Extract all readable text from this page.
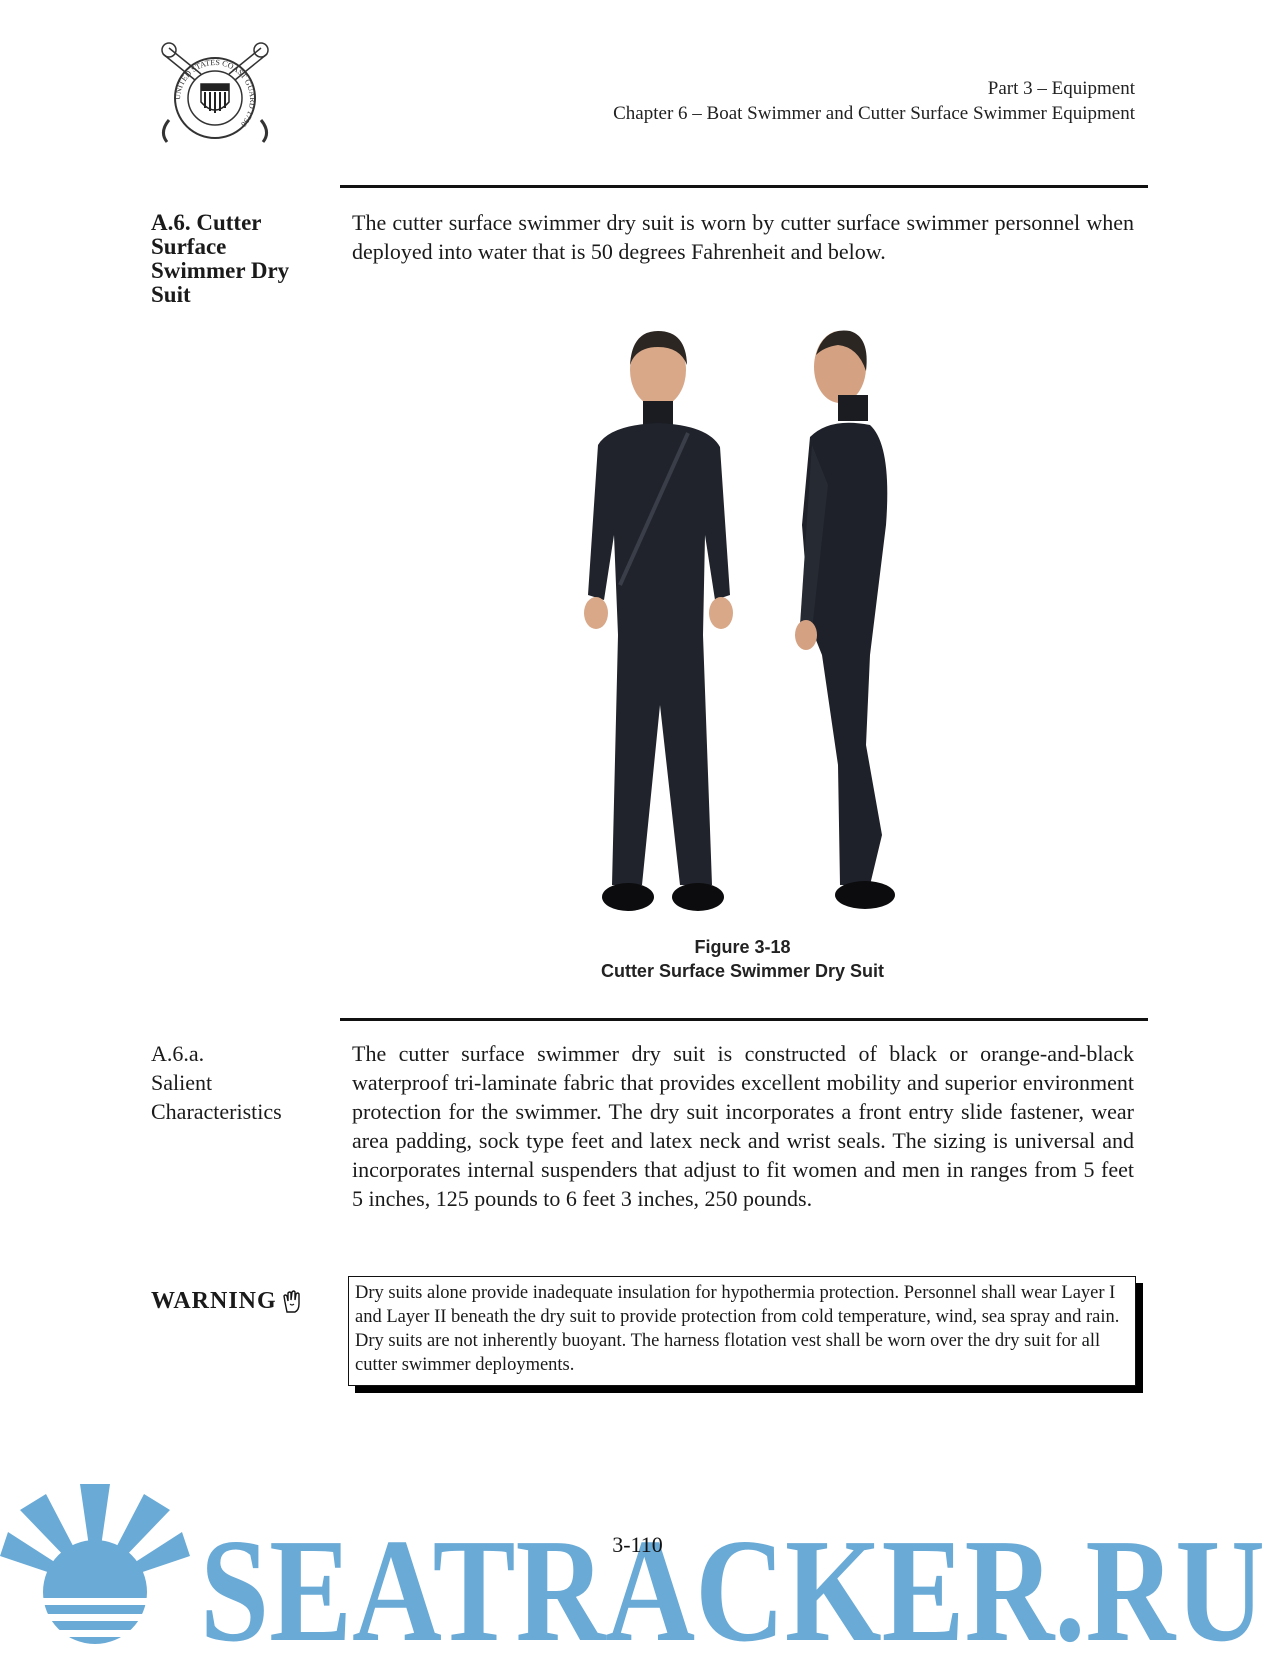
UNITED STATES COAST GUARD 1790
Part 3 – Equipment
Chapter 6 – Boat Swimmer and Cutter Surface Swimmer Equipment
A.6. Cutter
Surface
Swimmer Dry
Suit
The cutter surface swimmer dry suit is worn by cutter surface swimmer personnel when deployed into water that is 50 degrees Fahrenheit and below.
Figure 3-18
Cutter Surface Swimmer Dry Suit
A.6.a.
Salient
Characteristics
The cutter surface swimmer dry suit is constructed of black or orange-and-black waterproof tri-laminate fabric that provides excellent mobility and superior environment protection for the swimmer. The dry suit incorporates a front entry slide fastener, wear area padding, sock type feet and latex neck and wrist seals. The sizing is universal and incorporates internal suspenders that adjust to fit women and men in ranges from 5 feet 5 inches, 125 pounds to 6 feet 3 inches, 250 pounds.
WARNING	Dry suits alone provide inadequate insulation for hypothermia protection. Personnel shall wear Layer I and Layer II beneath the dry suit to provide protection from cold temperature, wind, sea spray and rain. Dry suits are not inherently buoyant. The harness flotation vest shall be worn over the dry suit for all cutter swimmer deployments.
SEATRACKER.RU
3-110
